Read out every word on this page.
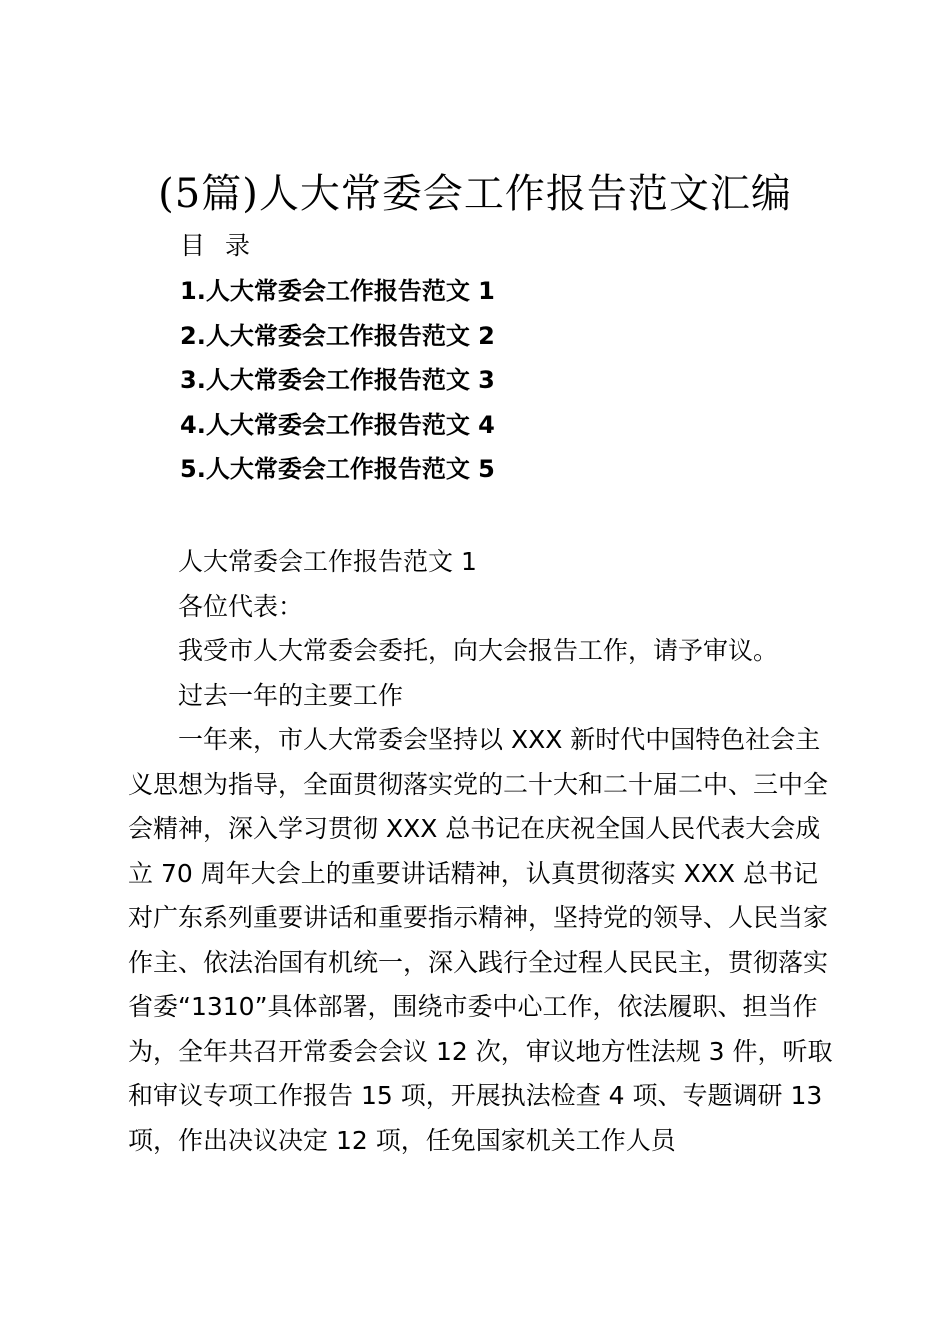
(5篇)人大常委会工作报告范文汇编
目 录
1.人大常委会工作报告范文 1
2.人大常委会工作报告范文 2
3.人大常委会工作报告范文 3
4.人大常委会工作报告范文 4
5.人大常委会工作报告范文 5

人大常委会工作报告范文 1

各位代表：

我受市人大常委会委托，向大会报告工作，请予审议。

过去一年的主要工作

一年来，市人大常委会坚持以 XXX 新时代中国特色社会主义思想为指导，全面贯彻落实党的二十大和二十届二中、三中全会精神，深入学习贯彻 XXX 总书记在庆祝全国人民代表大会成立 70 周年大会上的重要讲话精神，认真贯彻落实 XXX 总书记对广东系列重要讲话和重要指示精神，坚持党的领导、人民当家作主、依法治国有机统一，深入践行全过程人民民主，贯彻落实省委“1310”具体部署，围绕市委中心工作，依法履职、担当作为，全年共召开常委会会议 12 次，审议地方性法规 3 件，听取和审议专项工作报告 15 项，开展执法检查 4 项、专题调研 13 项，作出决议决定 12 项，任免国家机关工作人员
